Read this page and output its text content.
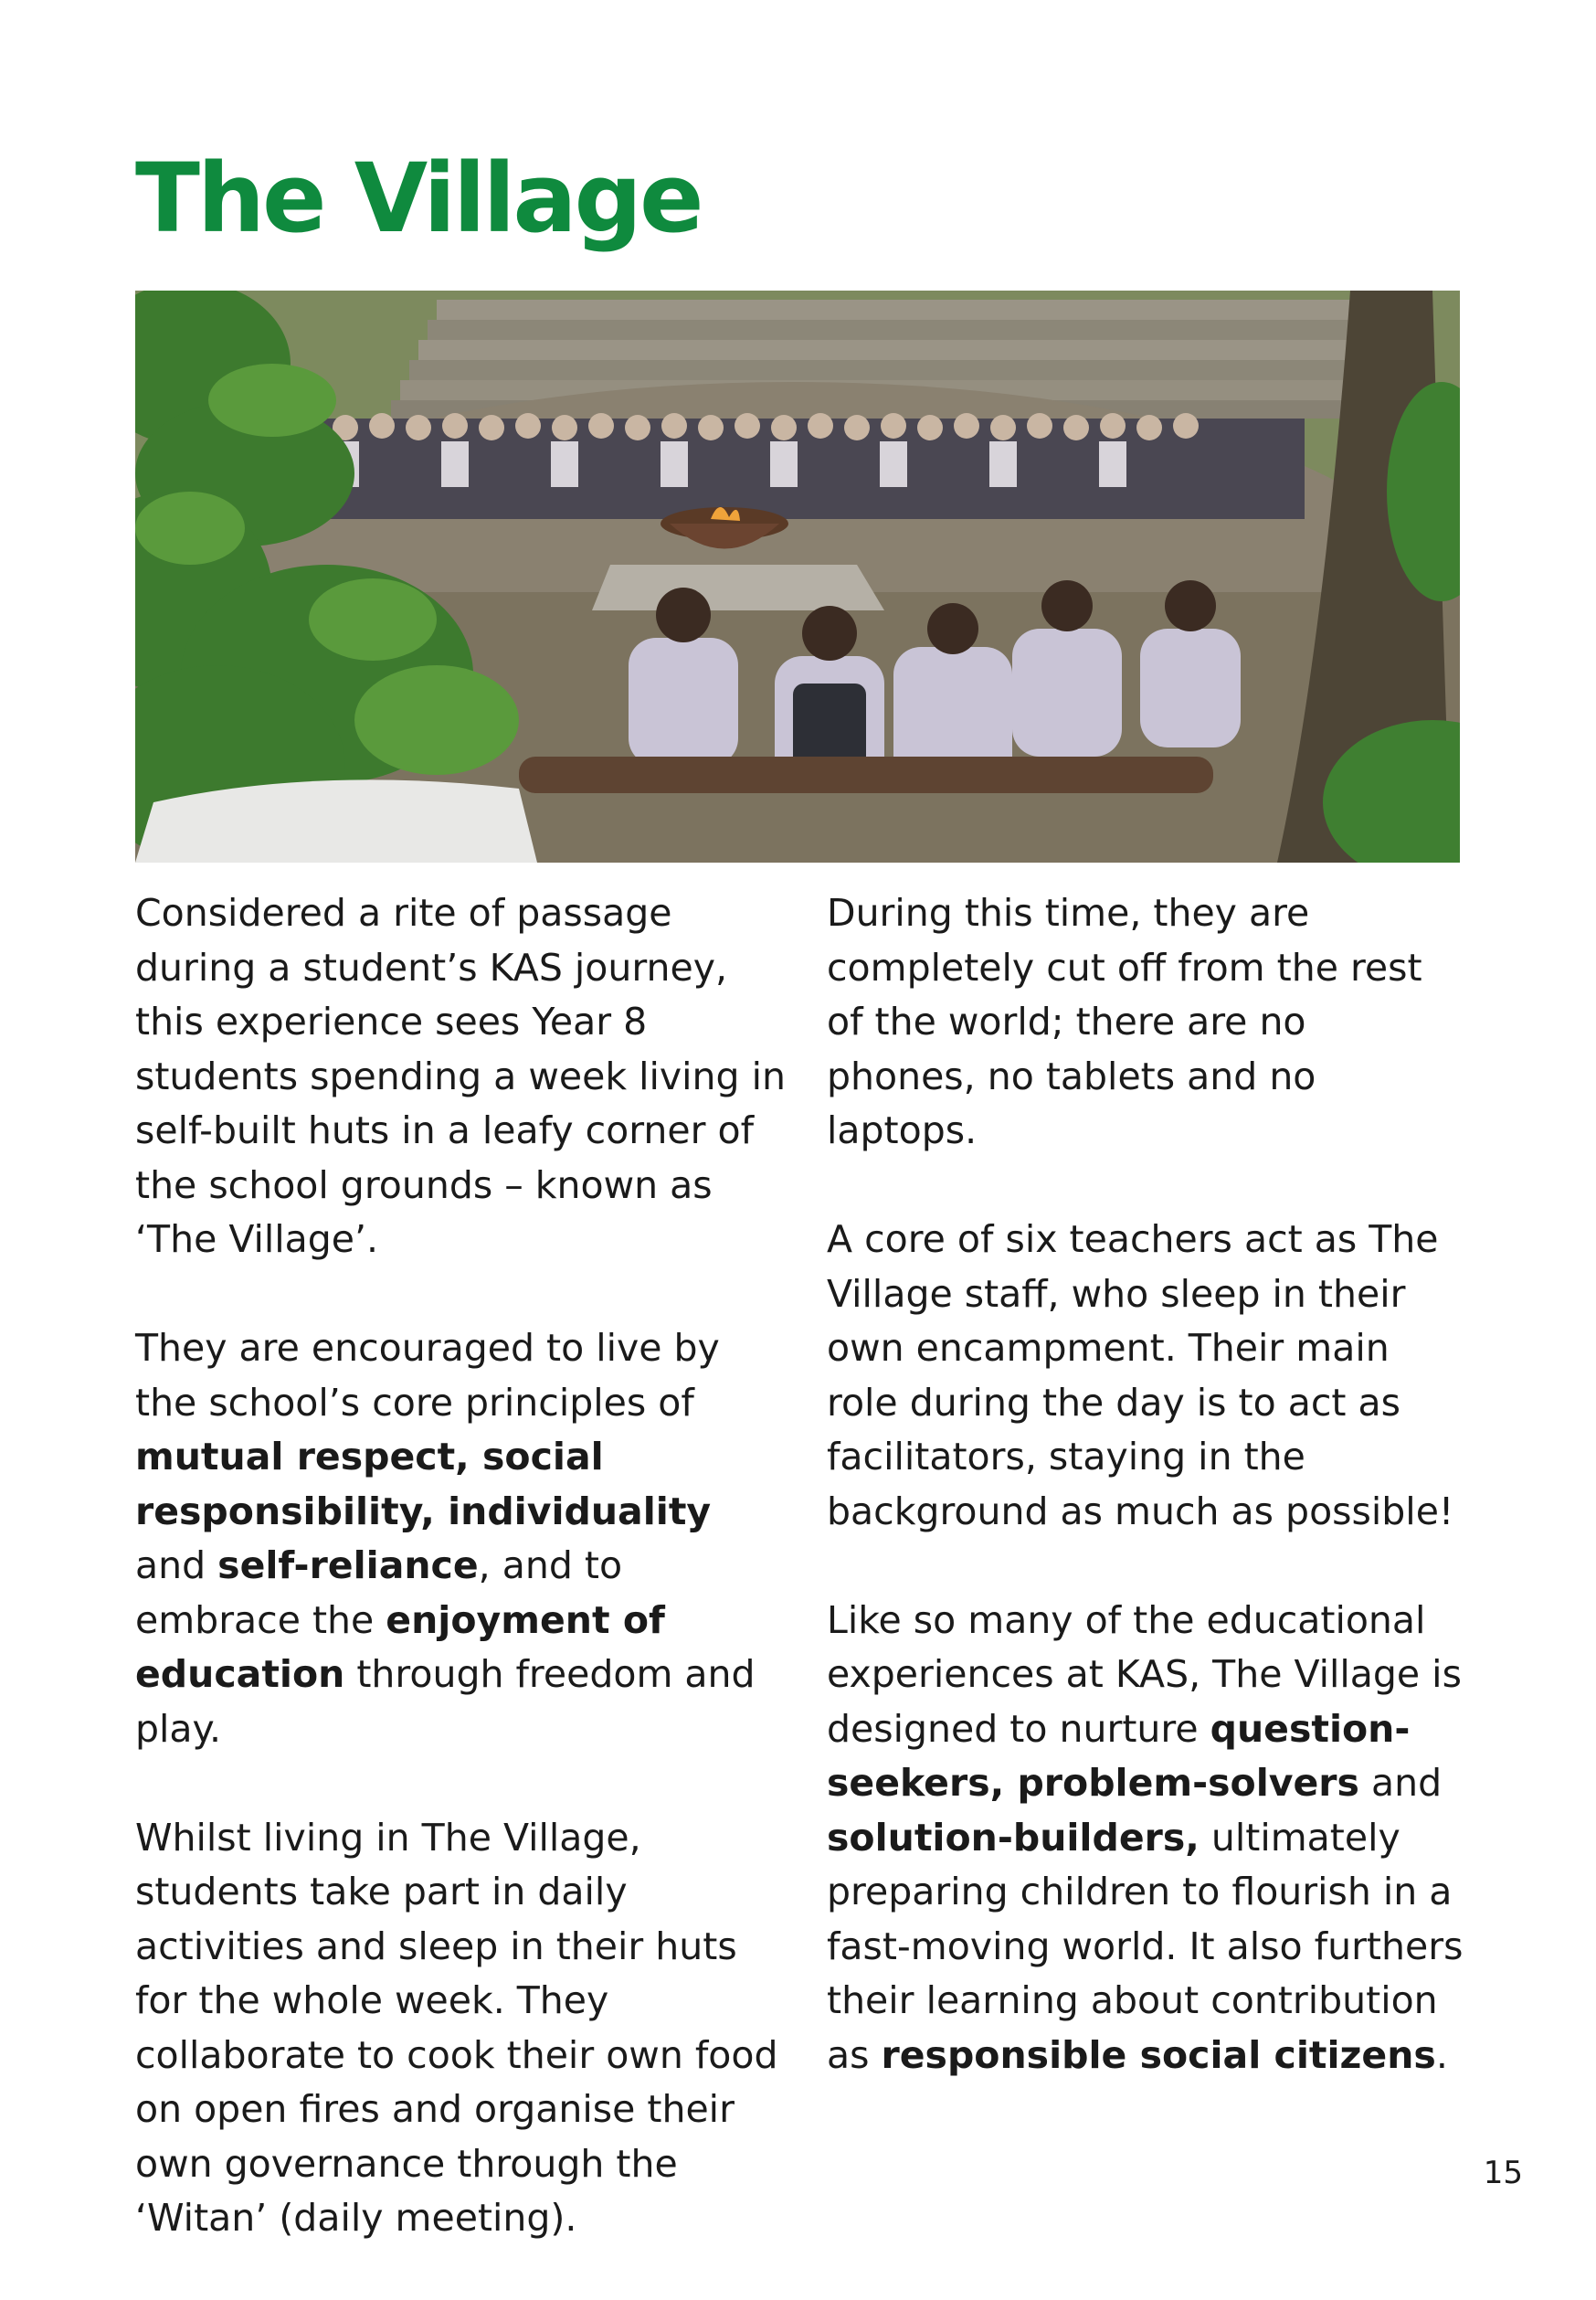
The Village

Considered a rite of passage during a student’s KAS journey, this experience sees Year 8 students spending a week living in self-built huts in a leafy corner of the school grounds – known as ‘The Village’.

They are encouraged to live by the school’s core principles of mutual respect, social responsibility, individuality and self-reliance, and to embrace the enjoyment of education through freedom and play.

Whilst living in The Village, students take part in daily activities and sleep in their huts for the whole week. They collaborate to cook their own food on open fires and organise their own governance through the ‘Witan’ (daily meeting).

During this time, they are completely cut off from the rest of the world; there are no phones, no tablets and no laptops.

A core of six teachers act as The Village staff, who sleep in their own encampment. Their main role during the day is to act as facilitators, staying in the background as much as possible!

Like so many of the educational experiences at KAS, The Village is designed to nurture question-seekers, problem-solvers and solution-builders, ultimately preparing children to flourish in a fast-moving world. It also furthers their learning about contribution as responsible social citizens.

15
